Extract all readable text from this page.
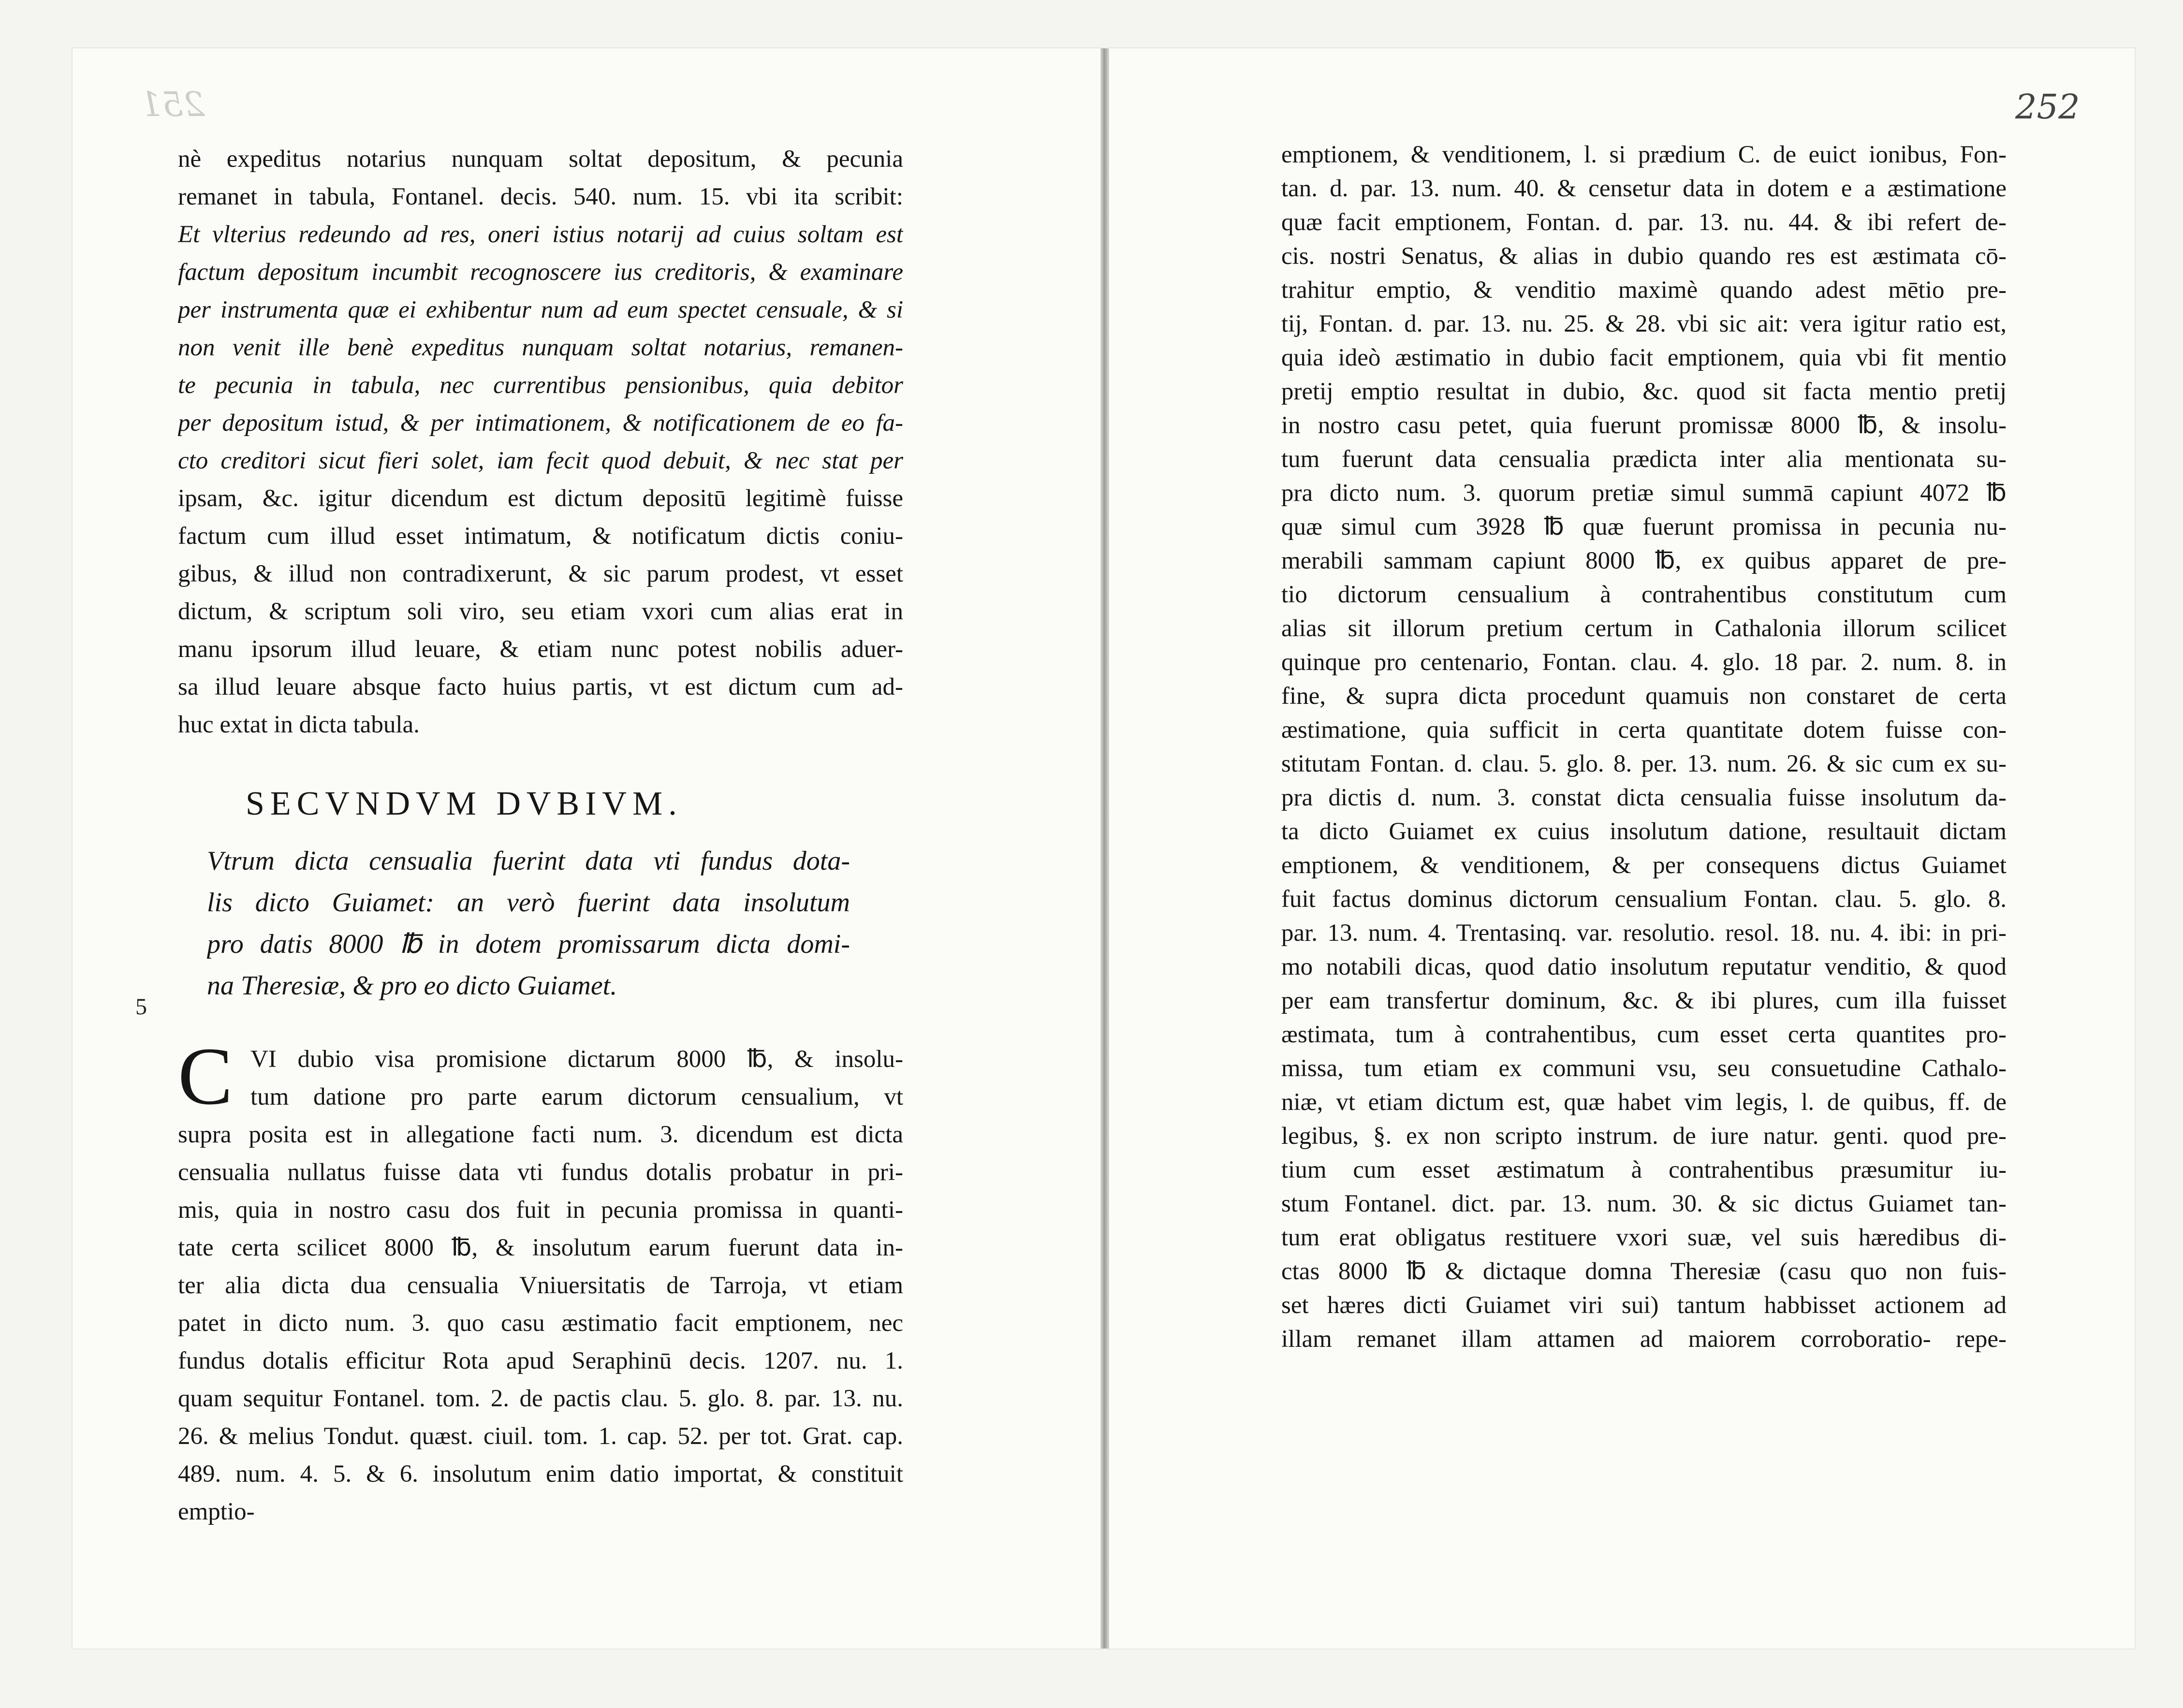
251	252
5
nè expeditus notarius nunquam soltat depositum, & pecunia
remanet in tabula, Fontanel. decis. 540. num. 15. vbi ita scribit:
Et vlterius redeundo ad res, oneri istius notarij ad cuius soltam est
factum depositum incumbit recognoscere ius creditoris, & examinare
per instrumenta quæ ei exhibentur num ad eum spectet censuale, & si
non venit ille benè expeditus nunquam soltat notarius, remanen-
te pecunia in tabula, nec currentibus pensionibus, quia debitor
per depositum istud, & per intimationem, & notificationem de eo fa-
cto creditori sicut fieri solet, iam fecit quod debuit, & nec stat per
ipsam, &c. igitur dicendum est dictum depositū legitimè fuisse
factum cum illud esset intimatum, & notificatum dictis coniu-
gibus, & illud non contradixerunt, & sic parum prodest, vt esset
dictum, & scriptum soli viro, seu etiam vxori cum alias erat in
manu ipsorum illud leuare, & etiam nunc potest nobilis aduer-
sa illud leuare absque facto huius partis, vt est dictum cum ad-
huc extat in dicta tabula.
SECVNDVM DVBIVM.
Vtrum dicta censualia fuerint data vti fundus dota-
lis dicto Guiamet: an verò fuerint data insolutum
pro datis 8000 ℔ in dotem promissarum dicta domi-
na Theresiæ, & pro eo dicto Guiamet.
C VI dubio visa promisione dictarum 8000 ℔, & insolu-
tum datione pro parte earum dictorum censualium, vt
supra posita est in allegatione facti num. 3. dicendum est dicta
censualia nullatus fuisse data vti fundus dotalis probatur in pri-
mis, quia in nostro casu dos fuit in pecunia promissa in quanti-
tate certa scilicet 8000 ℔, & insolutum earum fuerunt data in-
ter alia dicta dua censualia Vniuersitatis de Tarroja, vt etiam
patet in dicto num. 3. quo casu æstimatio facit emptionem, nec
fundus dotalis efficitur Rota apud Seraphinū decis. 1207. nu. 1.
quam sequitur Fontanel. tom. 2. de pactis clau. 5. glo. 8. par. 13. nu.
26. & melius Tondut. quæst. ciuil. tom. 1. cap. 52. per tot. Grat. cap.
489. num. 4. 5. & 6. insolutum enim datio importat, & constituit
emptio-
emptionem, & venditionem, l. si prædium C. de euict ionibus, Fon-
tan. d. par. 13. num. 40. & censetur data in dotem e a æstimatione
quæ facit emptionem, Fontan. d. par. 13. nu. 44. & ibi refert de-
cis. nostri Senatus, & alias in dubio quando res est æstimata cō-
trahitur emptio, & venditio maximè quando adest mētio pre-
tij, Fontan. d. par. 13. nu. 25. & 28. vbi sic ait: vera igitur ratio est,
quia ideò æstimatio in dubio facit emptionem, quia vbi fit mentio
pretij emptio resultat in dubio, &c. quod sit facta mentio pretij
in nostro casu petet, quia fuerunt promissæ 8000 ℔, & insolu-
tum fuerunt data censualia prædicta inter alia mentionata su-
pra dicto num. 3. quorum pretiæ simul summā capiunt 4072 ℔
quæ simul cum 3928 ℔ quæ fuerunt promissa in pecunia nu-
merabili sammam capiunt 8000 ℔, ex quibus apparet de pre-
tio dictorum censualium à contrahentibus constitutum cum
alias sit illorum pretium certum in Cathalonia illorum scilicet
quinque pro centenario, Fontan. clau. 4. glo. 18 par. 2. num. 8. in
fine, & supra dicta procedunt quamuis non constaret de certa
æstimatione, quia sufficit in certa quantitate dotem fuisse con-
stitutam Fontan. d. clau. 5. glo. 8. per. 13. num. 26. & sic cum ex su-
pra dictis d. num. 3. constat dicta censualia fuisse insolutum da-
ta dicto Guiamet ex cuius insolutum datione, resultauit dictam
emptionem, & venditionem, & per consequens dictus Guiamet
fuit factus dominus dictorum censualium Fontan. clau. 5. glo. 8.
par. 13. num. 4. Trentasinq. var. resolutio. resol. 18. nu. 4. ibi: in pri-
mo notabili dicas, quod datio insolutum reputatur venditio, & quod
per eam transfertur dominum, &c. & ibi plures, cum illa fuisset
æstimata, tum à contrahentibus, cum esset certa quantites pro-
missa, tum etiam ex communi vsu, seu consuetudine Cathalo-
niæ, vt etiam dictum est, quæ habet vim legis, l. de quibus, ff. de
legibus, §. ex non scripto instrum. de iure natur. genti. quod pre-
tium cum esset æstimatum à contrahentibus præsumitur iu-
stum Fontanel. dict. par. 13. num. 30. & sic dictus Guiamet tan-
tum erat obligatus restituere vxori suæ, vel suis hæredibus di-
ctas 8000 ℔ & dictaque domna Theresiæ (casu quo non fuis-
set hæres dicti Guiamet viri sui) tantum habbisset actionem ad
illam remanet illam attamen ad maiorem corroboratio- repe-
